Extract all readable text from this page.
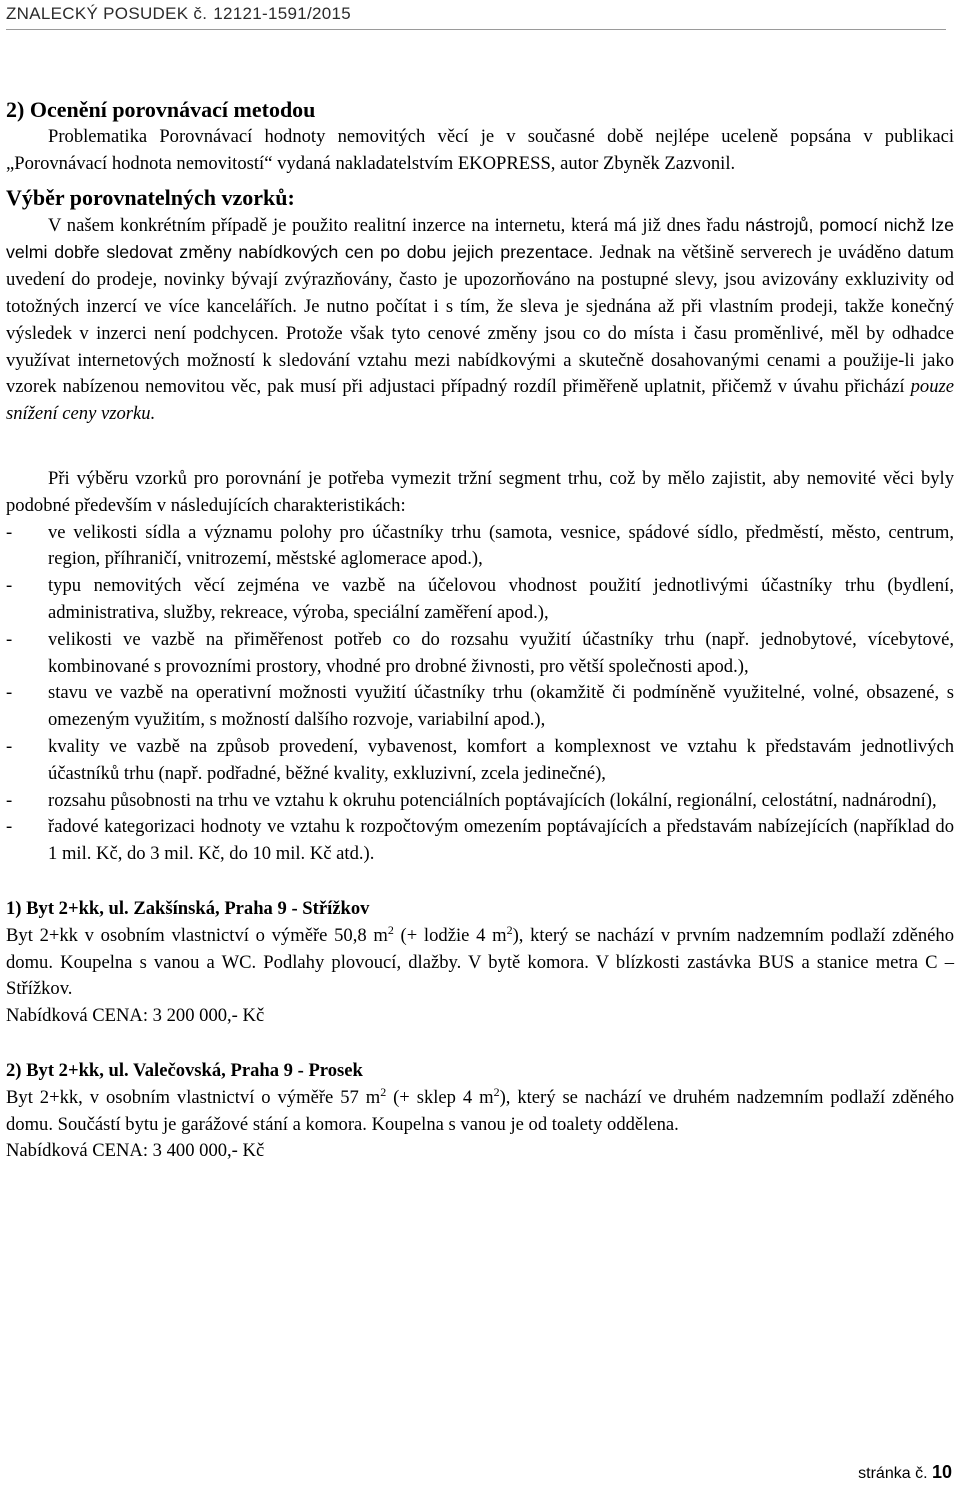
ZNALECKÝ POSUDEK č. 12121-1591/2015
2) Ocenění porovnávací metodou

Problematika Porovnávací hodnoty nemovitých věcí je v současné době nejlépe uceleně popsána v publikaci „Porovnávací hodnota nemovitostí“ vydaná nakladatelstvím EKOPRESS, autor Zbyněk Zazvonil.

Výběr porovnatelných vzorků:

V našem konkrétním případě je použito realitní inzerce na internetu, která má již dnes řadu nástrojů, pomocí nichž lze velmi dobře sledovat změny nabídkových cen po dobu jejich prezentace. Jednak na většině serverech je uváděno datum uvedení do prodeje, novinky bývají zvýrazňovány, často je upozorňováno na postupné slevy, jsou avizovány exkluzivity od totožných inzercí ve více kancelářích. Je nutno počítat i s tím, že sleva je sjednána až při vlastním prodeji, takže konečný výsledek v inzerci není podchycen. Protože však tyto cenové změny jsou co do místa i času proměnlivé, měl by odhadce využívat internetových možností k sledování vztahu mezi nabídkovými a skutečně dosahovanými cenami a použije-li jako vzorek nabízenou nemovitou věc, pak musí při adjustaci případný rozdíl přiměřeně uplatnit, přičemž v úvahu přichází pouze snížení ceny vzorku.

Při výběru vzorků pro porovnání je potřeba vymezit tržní segment trhu, což by mělo zajistit, aby nemovité věci byly podobné především v následujících charakteristikách:

-	ve velikosti sídla a významu polohy pro účastníky trhu (samota, vesnice, spádové sídlo, předměstí, město, centrum, region, příhraničí, vnitrozemí, městské aglomerace apod.),
-	typu nemovitých věcí zejména ve vazbě na účelovou vhodnost použití jednotlivými účastníky trhu (bydlení, administrativa, služby, rekreace, výroba, speciální zaměření apod.),
-	velikosti ve vazbě na přiměřenost potřeb co do rozsahu využití účastníky trhu (např. jednobytové, vícebytové, kombinované s provozními prostory, vhodné pro drobné živnosti, pro větší společnosti apod.),
-	stavu ve vazbě na operativní možnosti využití účastníky trhu (okamžitě či podmíněně využitelné, volné, obsazené, s omezeným využitím, s možností dalšího rozvoje, variabilní apod.),
-	kvality ve vazbě na způsob provedení, vybavenost, komfort a komplexnost ve vztahu k představám jednotlivých účastníků trhu (např. podřadné, běžné kvality, exkluzivní, zcela jedinečné),
-	rozsahu působnosti na trhu ve vztahu k okruhu potenciálních poptávajících (lokální, regionální, celostátní, nadnárodní),
-	řadové kategorizaci hodnoty ve vztahu k rozpočtovým omezením poptávajících a představám nabízejících (například do 1 mil. Kč, do 3 mil. Kč, do 10 mil. Kč atd.).

1) Byt 2+kk, ul. Zakšínská, Praha 9 - Střížkov

Byt 2+kk v osobním vlastnictví o výměře 50,8 $m^2$ (+ lodžie 4 $m^2$), který se nachází v prvním nadzemním podlaží zděného domu. Koupelna s vanou a WC. Podlahy plovoucí, dlažby. V bytě komora. V blízkosti zastávka BUS a stanice metra C – Střížkov.

Nabídková CENA: 3 200 000,- Kč

2) Byt 2+kk, ul. Valečovská, Praha 9 - Prosek

Byt 2+kk, v osobním vlastnictví o výměře 57 $m^2$ (+ sklep 4 $m^2$), který se nachází ve druhém nadzemním podlaží zděného domu. Součástí bytu je garážové stání a komora. Koupelna s vanou je od toalety oddělena.

Nabídková CENA: 3 400 000,- Kč

stránka č. 10
